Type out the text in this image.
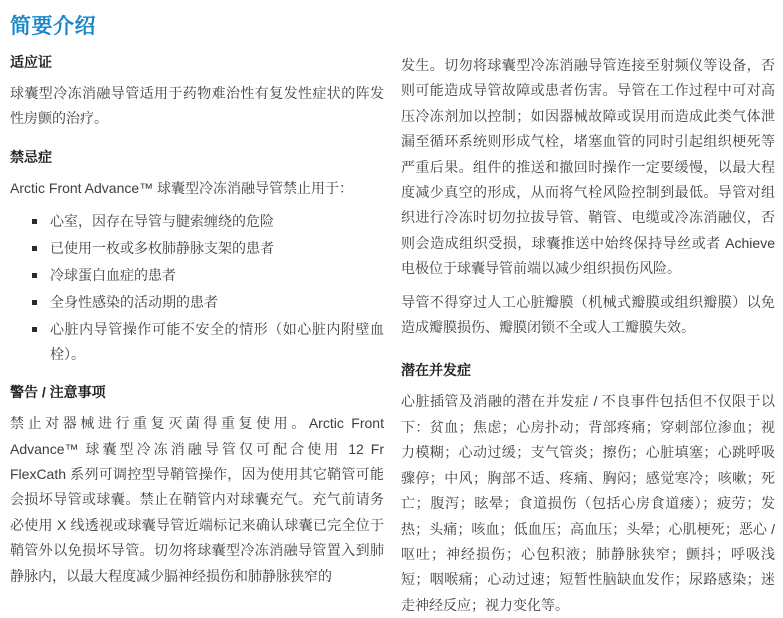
简要介绍
适应证

球囊型冷冻消融导管适用于药物难治性有复发性症状的阵发性房颤的治疗。

禁忌症

Arctic Front Advance™ 球囊型冷冻消融导管禁止用于：

心室，因存在导管与腱索缠绕的危险
已使用一枚或多枚肺静脉支架的患者
冷球蛋白血症的患者
全身性感染的活动期的患者
心脏内导管操作可能不安全的情形（如心脏内附壁血栓）。
警告 / 注意事项

禁止对器械进行重复灭菌得重复使用。Arctic Front Advance™ 球囊型冷冻消融导管仅可配合使用 12 Fr FlexCath 系列可调控型导鞘管操作，因为使用其它鞘管可能会损坏导管或球囊。禁止在鞘管内对球囊充气。充气前请务必使用 X 线透视或球囊导管近端标记来确认球囊已完全位于鞘管外以免损坏导管。切勿将球囊型冷冻消融导管置入到肺静脉内，以最大程度减少膈神经损伤和肺静脉狭窄的

发生。切勿将球囊型冷冻消融导管连接至射频仪等设备，否则可能造成导管故障或患者伤害。导管在工作过程中可对高压冷冻剂加以控制；如因器械故障或误用而造成此类气体泄漏至循环系统则形成气栓，堵塞血管的同时引起组织梗死等严重后果。组件的推送和撤回时操作一定要缓慢，以最大程度减少真空的形成，从而将气栓风险控制到最低。导管对组织进行冷冻时切勿拉拔导管、鞘管、电缆或冷冻消融仪，否则会造成组织受损，球囊推送中始终保持导丝或者 Achieve 电极位于球囊导管前端以减少组织损伤风险。

导管不得穿过人工心脏瓣膜（机械式瓣膜或组织瓣膜）以免造成瓣膜损伤、瓣膜闭锁不全或人工瓣膜失效。

潜在并发症

心脏插管及消融的潜在并发症 / 不良事件包括但不仅限于以下：贫血；焦虑；心房扑动；背部疼痛；穿刺部位渗血；视力模糊；心动过缓；支气管炎；擦伤；心脏填塞；心跳呼吸骤停；中风；胸部不适、疼痛、胸闷；感觉寒冷；咳嗽；死亡；腹泻；眩晕；食道损伤（包括心房食道瘘）；疲劳；发热；头痛；咳血；低血压；高血压；头晕；心肌梗死；恶心 / 呕吐；神经损伤；心包积液；肺静脉狭窄；颤抖；呼吸浅短；咽喉痛；心动过速；短暂性脑缺血发作；尿路感染；迷走神经反应；视力变化等。
